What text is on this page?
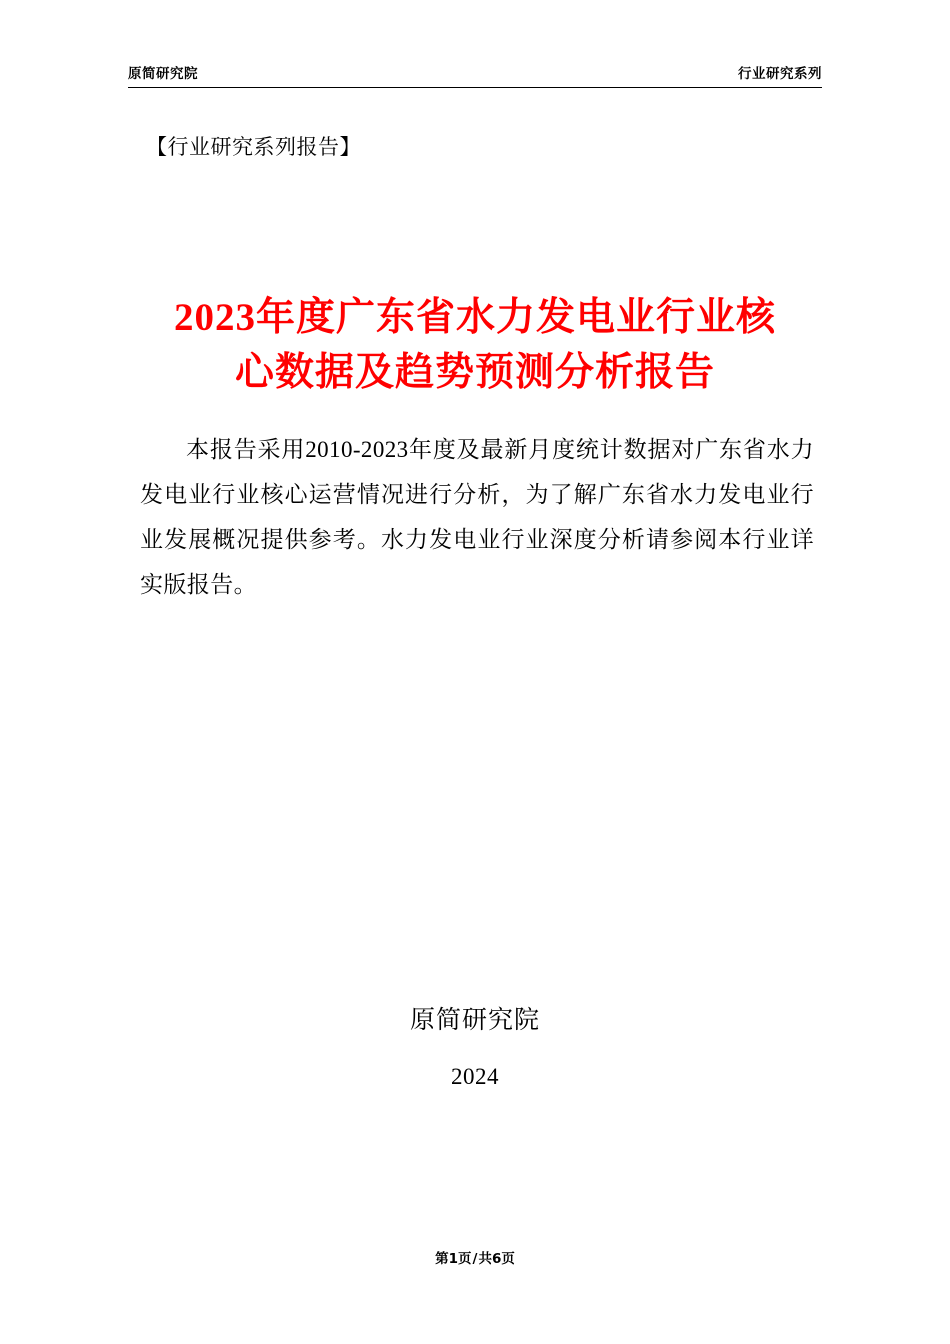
原简研究院	行业研究系列
【行业研究系列报告】
2023年度广东省水力发电业行业核
心数据及趋势预测分析报告
本报告采用2010-2023年度及最新月度统计数据对广东省水力发电业行业核心运营情况进行分析，为了解广东省水力发电业行业发展概况提供参考。水力发电业行业深度分析请参阅本行业详实版报告。
原简研究院
2024
第1页/共6页
